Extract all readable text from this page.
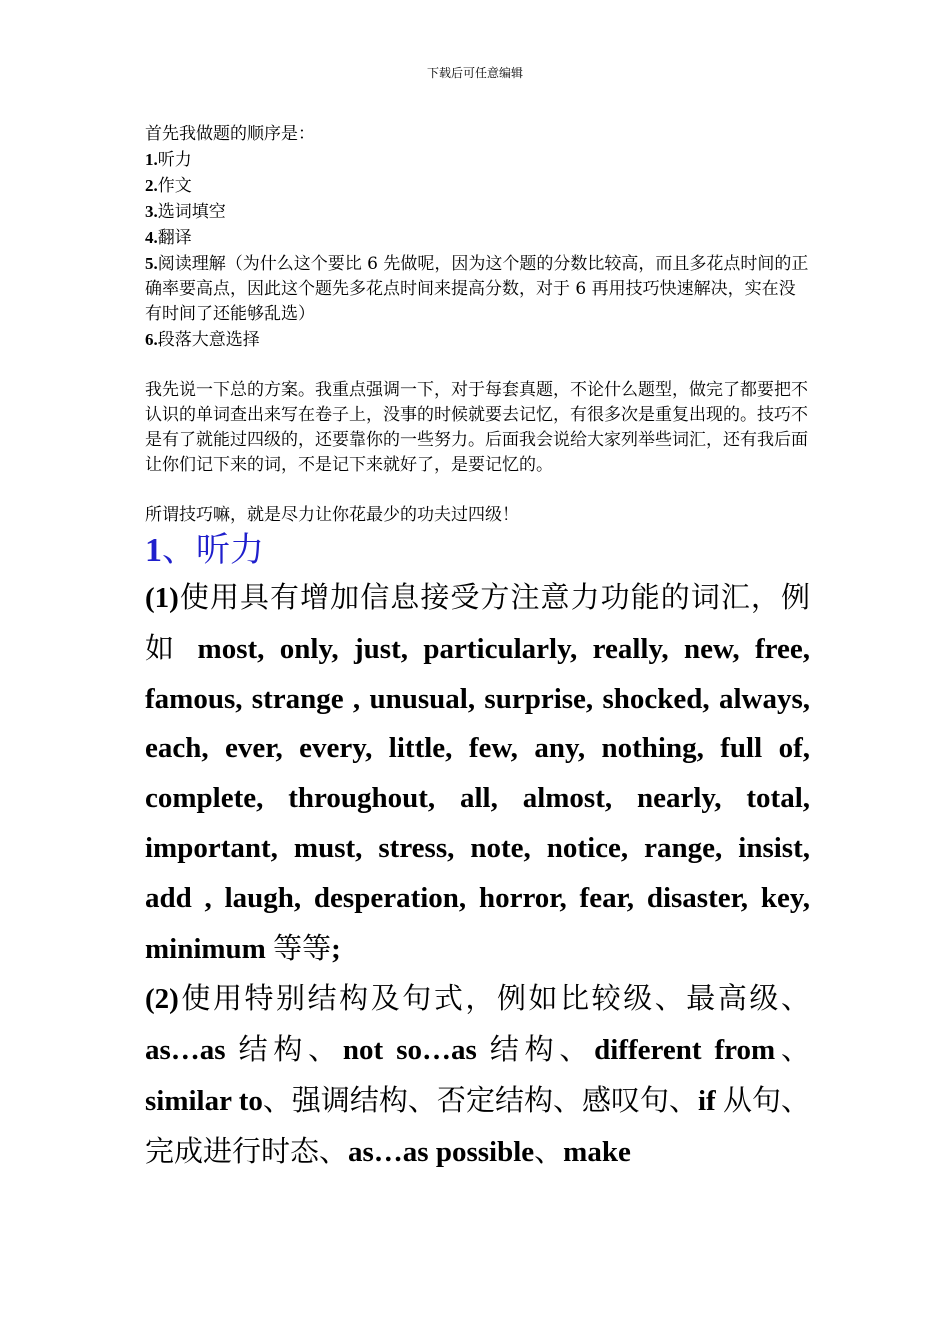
下载后可任意编辑

首先我做题的顺序是：

1.听力

2.作文

3.选词填空

4.翻译

5.阅读理解（为什么这个要比 6 先做呢，因为这个题的分数比较高，而且多花点时间的正确率要高点，因此这个题先多花点时间来提高分数，对于 6 再用技巧快速解决，实在没有时间了还能够乱选）

6.段落大意选择

我先说一下总的方案。我重点强调一下，对于每套真题，不论什么题型，做完了都要把不认识的单词查出来写在卷子上，没事的时候就要去记忆，有很多次是重复出现的。技巧不是有了就能过四级的，还要靠你的一些努力。后面我会说给大家列举些词汇，还有我后面让你们记下来的词，不是记下来就好了，是要记忆的。

所谓技巧嘛，就是尽力让你花最少的功夫过四级！

1、听力

(1)使用具有增加信息接受方注意力功能的词汇，例如 most, only, just, particularly, really, new, free, famous, strange , unusual, surprise, shocked, always, each, ever, every, little, few, any, nothing, full of, complete, throughout, all, almost, nearly, total, important, must, stress, note, notice, range, insist, add , laugh, desperation, horror, fear, disaster, key, minimum 等等;

(2)使用特别结构及句式，例如比较级、最高级、as…as 结构、not so…as 结构、different from、similar to、强调结构、否定结构、感叹句、if 从句、完成进行时态、as…as possible、make
